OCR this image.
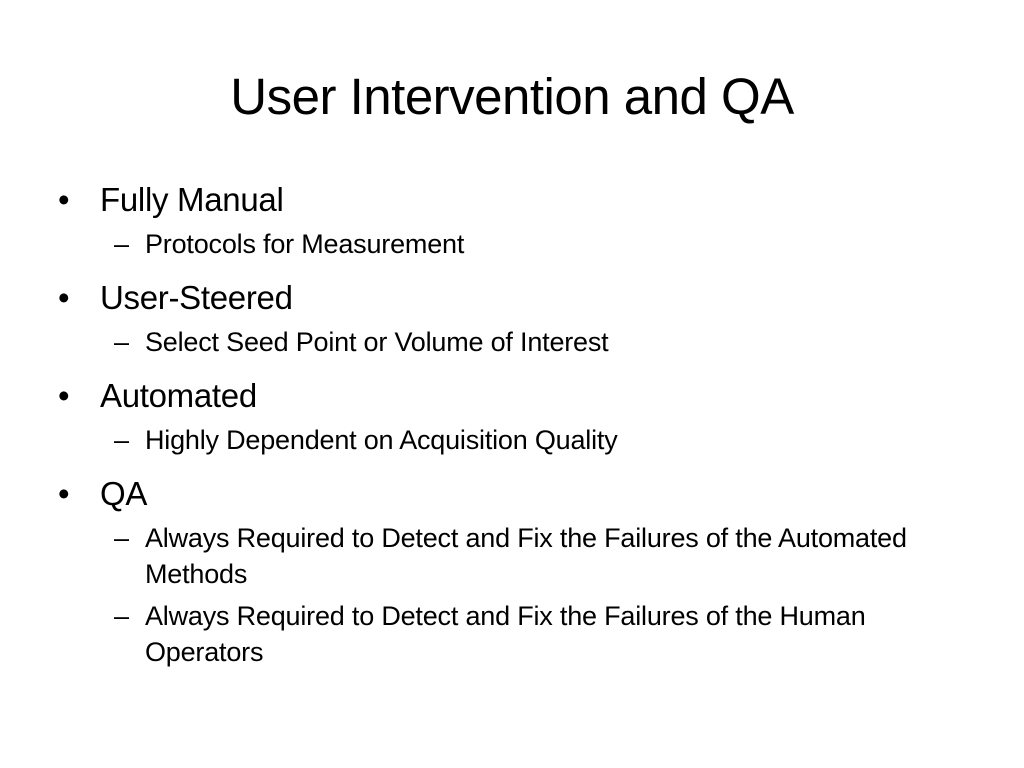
User Intervention and QA
• Fully Manual
– Protocols for Measurement
• User-Steered
– Select Seed Point or Volume of Interest
• Automated
– Highly Dependent on Acquisition Quality
• QA
– Always Required to Detect and Fix the Failures of the Automated Methods
– Always Required to Detect and Fix the Failures of the Human Operators
